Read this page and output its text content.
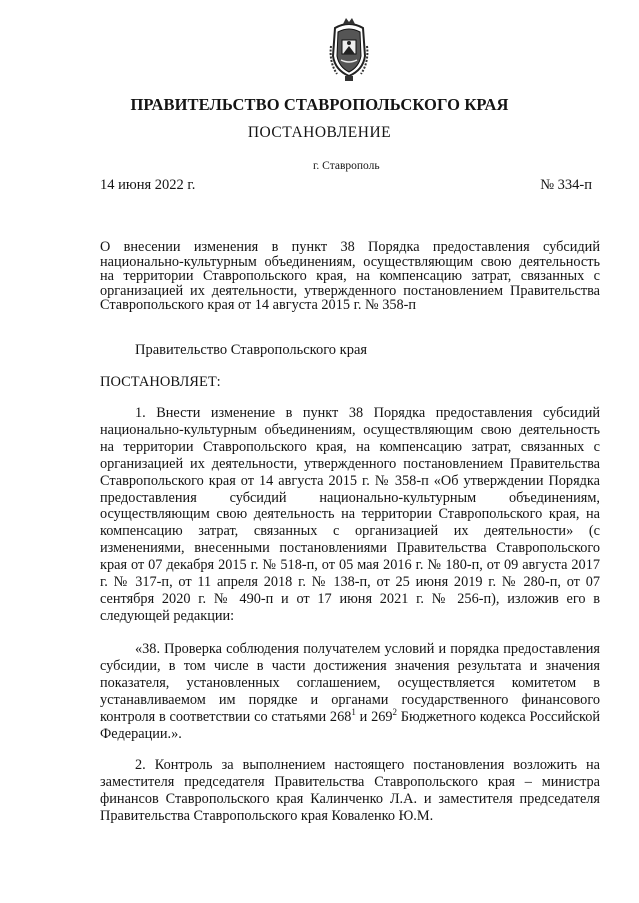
ПРАВИТЕЛЬСТВО СТАВРОПОЛЬСКОГО КРАЯ
ПОСТАНОВЛЕНИЕ
г. Ставрополь
14 июня 2022 г.	№ 334-п
О внесении изменения в пункт 38 Порядка предоставления субсидий национально-культурным объединениям, осуществляющим свою деятельность на территории Ставропольского края, на компенсацию затрат, связанных с организацией их деятельности, утвержденного постановлением Правительства Ставропольского края от 14 августа 2015 г. № 358-п
Правительство Ставропольского края
ПОСТАНОВЛЯЕТ:
1. Внести изменение в пункт 38 Порядка предоставления субсидий национально-культурным объединениям, осуществляющим свою деятельность на территории Ставропольского края, на компенсацию затрат, связанных с организацией их деятельности, утвержденного постановлением Правительства Ставропольского края от 14 августа 2015 г. № 358-п «Об утверждении Порядка предоставления субсидий национально-культурным объединениям, осуществляющим свою деятельность на территории Ставропольского края, на компенсацию затрат, связанных с организацией их деятельности» (с изменениями, внесенными постановлениями Правительства Ставропольского края от 07 декабря 2015 г. № 518-п, от 05 мая 2016 г. № 180-п, от 09 августа 2017 г. № 317-п, от 11 апреля 2018 г. № 138-п, от 25 июня 2019 г. № 280-п, от 07 сентября 2020 г. № 490-п и от 17 июня 2021 г. № 256-п), изложив его в следующей редакции:
«38. Проверка соблюдения получателем условий и порядка предоставления субсидии, в том числе в части достижения значения результата и значения показателя, установленных соглашением, осуществляется комитетом в устанавливаемом им порядке и органами государственного финансового контроля в соответствии со статьями $268^1$ и $269^2$ Бюджетного кодекса Российской Федерации.».
2. Контроль за выполнением настоящего постановления возложить на заместителя председателя Правительства Ставропольского края – министра финансов Ставропольского края Калинченко Л.А. и заместителя председателя Правительства Ставропольского края Коваленко Ю.М.
